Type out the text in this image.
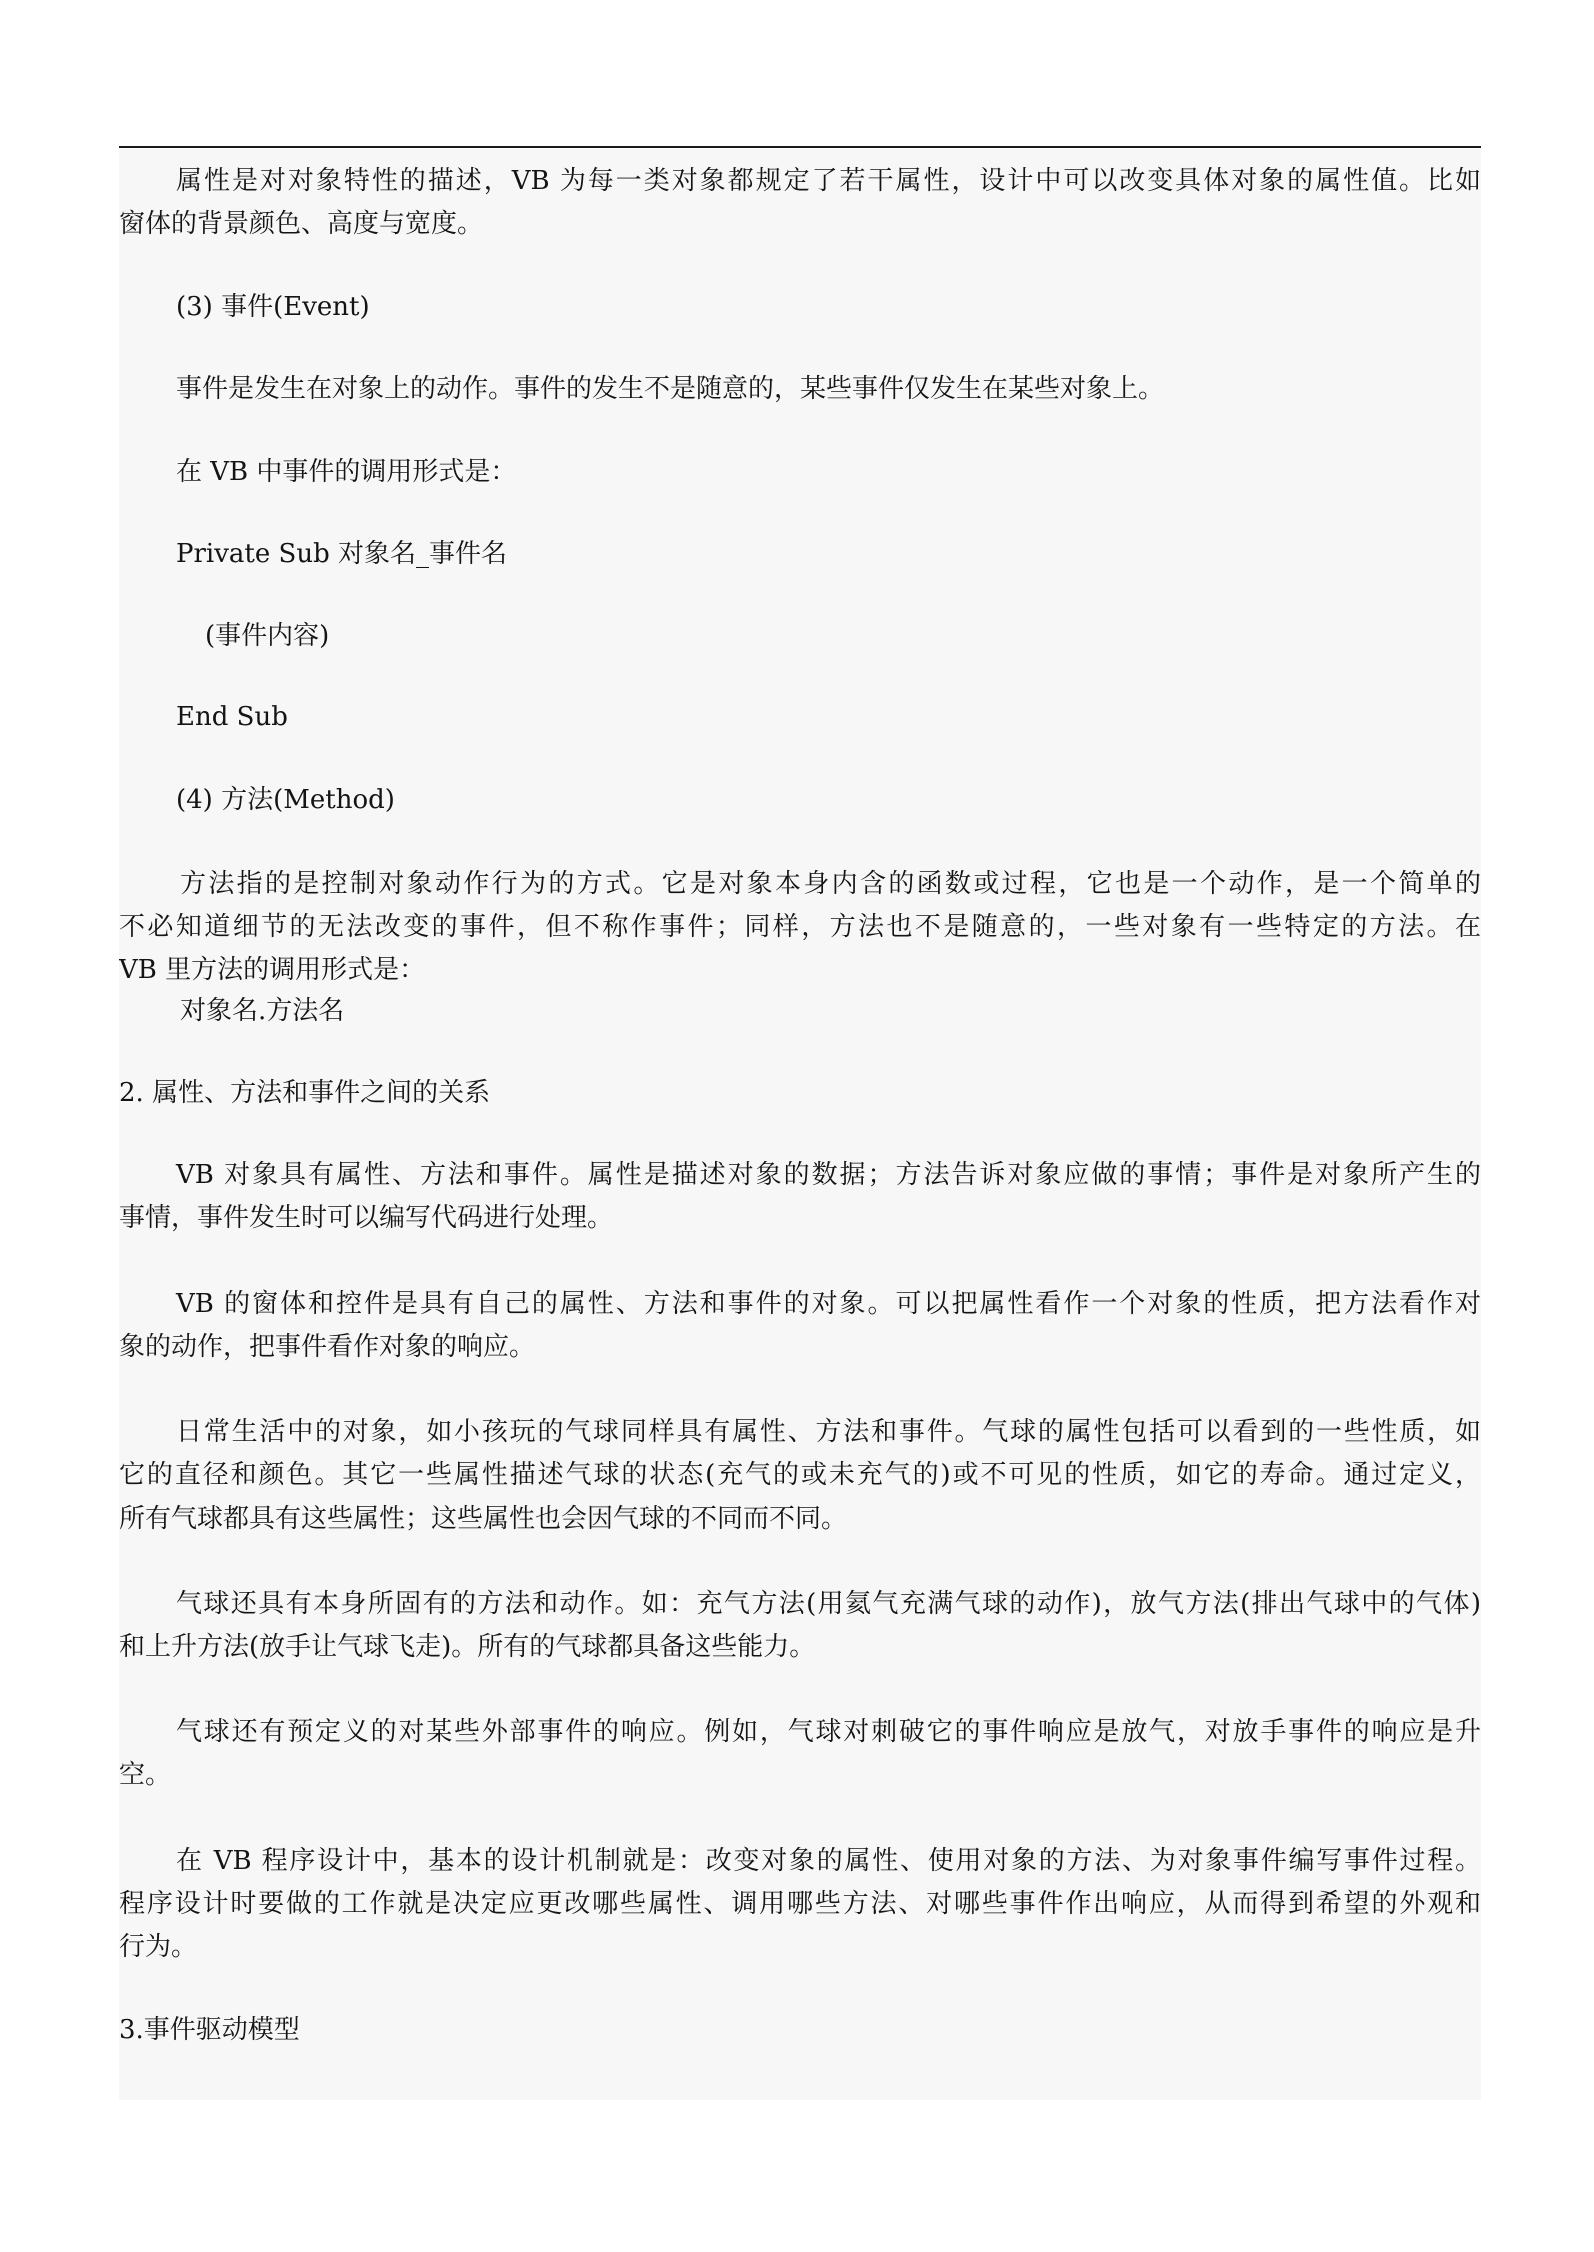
属性是对对象特性的描述，VB 为每一类对象都规定了若干属性，设计中可以改变具体对象的属性值。比如
窗体的背景颜色、高度与宽度。
(3) 事件(Event)
事件是发生在对象上的动作。事件的发生不是随意的，某些事件仅发生在某些对象上。
在 VB 中事件的调用形式是：
Private Sub 对象名_事件名
(事件内容)
End Sub
(4) 方法(Method)
方法指的是控制对象动作行为的方式。它是对象本身内含的函数或过程，它也是一个动作，是一个简单的
不必知道细节的无法改变的事件，但不称作事件；同样，方法也不是随意的，一些对象有一些特定的方法。在
VB 里方法的调用形式是：
对象名.方法名
2. 属性、方法和事件之间的关系
VB 对象具有属性、方法和事件。属性是描述对象的数据；方法告诉对象应做的事情；事件是对象所产生的
事情，事件发生时可以编写代码进行处理。
VB 的窗体和控件是具有自己的属性、方法和事件的对象。可以把属性看作一个对象的性质，把方法看作对
象的动作，把事件看作对象的响应。
日常生活中的对象，如小孩玩的气球同样具有属性、方法和事件。气球的属性包括可以看到的一些性质，如
它的直径和颜色。其它一些属性描述气球的状态(充气的或未充气的)或不可见的性质，如它的寿命。通过定义，
所有气球都具有这些属性；这些属性也会因气球的不同而不同。
气球还具有本身所固有的方法和动作。如：充气方法(用氦气充满气球的动作)，放气方法(排出气球中的气体)
和上升方法(放手让气球飞走)。所有的气球都具备这些能力。
气球还有预定义的对某些外部事件的响应。例如，气球对刺破它的事件响应是放气，对放手事件的响应是升
空。
在 VB 程序设计中，基本的设计机制就是：改变对象的属性、使用对象的方法、为对象事件编写事件过程。
程序设计时要做的工作就是决定应更改哪些属性、调用哪些方法、对哪些事件作出响应，从而得到希望的外观和
行为。
3.事件驱动模型
